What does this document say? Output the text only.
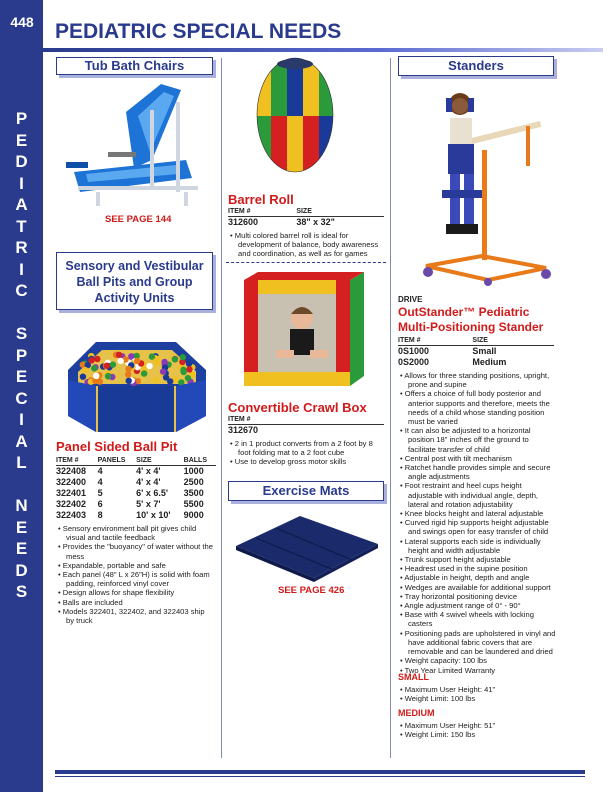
448
P
E
D
I
A
T
R
I
C
S
P
E
C
I
A
L
N
E
E
D
S
PEDIATRIC SPECIAL NEEDS
Tub Bath Chairs
SEE PAGE 144
Sensory and Vestibular Ball Pits and Group Activity Units
Panel Sided Ball Pit
ITEM #	PANELS	SIZE	BALLS
322408	4	4' x 4'	1000
322400	4	4' x 4'	2500
322401	5	6' x 6.5'	3500
322402	6	5' x 7'	5500
322403	8	10' x 10'	9000
• Sensory environment ball pit gives child visual and tactile feedback
• Provides the "buoyancy" of water without the mess
• Expandable, portable and safe
• Each panel (48" L x 26"H) is solid with foam padding, reinforced vinyl cover
• Design allows for shape flexibility
• Balls are included
• Models 322401, 322402, and 322403 ship by truck
Barrel Roll
ITEM #	SIZE
312600	38" x 32"
• Multi colored barrel roll is ideal for development of balance, body awareness and coordination, as well as for games
Convertible Crawl Box
ITEM #
312670
• 2 in 1 product converts from a 2 foot by 8 foot folding mat to a 2 foot cube
• Use to develop gross motor skills
Exercise Mats
SEE PAGE 426
Standers
DRIVE
OutStander™ Pediatric
Multi-Positioning Stander
ITEM #	SIZE
0S1000	Small
0S2000	Medium
• Allows for three standing positions, upright, prone and supine
• Offers a choice of full body posterior and anterior supports and therefore, meets the needs of a child whose standing position must be varied
• It can also be adjusted to a horizontal position 18" inches off the ground to facilitate transfer of child
• Central post with tilt mechanism
• Ratchet handle provides simple and secure angle adjustments
• Foot restraint and heel cups height adjustable with individual angle, depth, lateral and rotation adjustability
• Knee blocks height and lateral adjustable
• Curved rigid hip supports height adjustable and swings open for easy transfer of child
• Lateral supports each side is individually height and width adjustable
• Trunk support height adjustable
• Headrest used in the supine position
• Adjustable in height, depth and angle
• Wedges are available for additional support
• Tray horizontal positioning device
• Angle adjustment range of 0° - 90°
• Base with 4 swivel wheels with locking casters
• Positioning pads are upholstered in vinyl and have additional fabric covers that are removable and can be laundered and dried
• Weight capacity: 100 lbs
• Two Year Limited Warranty
SMALL
• Maximum User Height: 41"
• Weight Limit: 100 lbs
MEDIUM
• Maximum User Height: 51"
• Weight Limit: 150 lbs
